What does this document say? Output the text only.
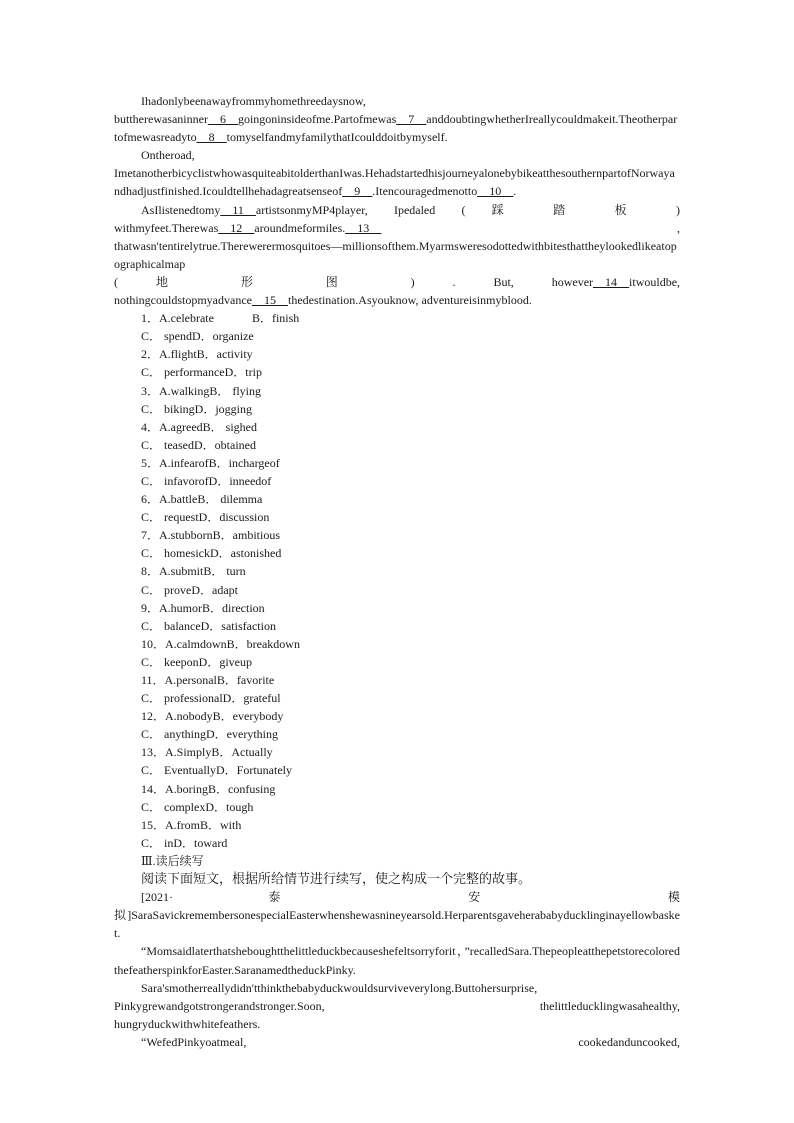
Ihadonlybeenawayfrommyhomethreedaysnow,
buttherewasaninner__6__goingoninsideofme.Partofmewas__7__anddoubtingwhetherIreallycouldmakeit.Theotherpartofmewasreadyto__8__tomyselfandmyfamilythatIcoulddoitbymyself.

Ontheroad,
ImetanotherbicyclistwhowasquiteabitolderthanIwas.HehadstartedhisjourneyalonebybikeatthesouthernpartofNorwayandhadjustfinished.Icouldtellhehadagreatsenseof__9__.Itencouragedmenotto__10__.

AsIlistenedtomy__11__artistsonmyMP4player, Ipedaled ( 踩 踏 板 )

withmyfeet.Therewas__12__aroundmeformiles.__13__	,

thatwasn'tentirelytrue.Therewerermosquitoes—millionsofthem.Myarmsweresodottedwithbitesthattheylookedlikeatopographicalmap

(	地	形	图	)	.	But,	however__14__itwouldbe,

nothingcouldstopmyadvance__15__thedestination.Asyouknow, adventureisinmyblood.

1．A.celebrate	B．finish

C． spendD．organize

2．A.flightB．activity

C． performanceD．trip

3．A.walkingB． flying

C． bikingD．jogging

4．A.agreedB． sighed

C． teasedD．obtained

5．A.infearofB．inchargeof

C． infavorofD．inneedof

6．A.battleB． dilemma

C． requestD．discussion

7．A.stubbornB．ambitious

C． homesickD．astonished

8．A.submitB． turn

C． proveD．adapt

9．A.humorB．direction

C． balanceD．satisfaction

10．A.calmdownB．breakdown

C． keeponD．giveup

11．A.personalB．favorite

C． professionalD．grateful

12．A.nobodyB．everybody

C． anythingD．everything

13．A.SimplyB．Actually

C． EventuallyD．Fortunately

14．A.boringB．confusing

C． complexD．tough

15．A.fromB．with

C． inD．toward

Ⅲ.读后续写

阅读下面短文，根据所给情节进行续写，使之构成一个完整的故事。

[2021·	泰	安	模

拟]SaraSavickremembersonespecialEasterwhenshewasnineyearsold.Herparentsgaveherababyducklinginayellowbasket.

“Momsaidlaterthatsheboughtthelittleduckbecauseshefeltsorryforit，”recalledSara.ThepeopleatthepetstorecoloredthefeatherspinkforEaster.SaranamedtheduckPinky.

Sara'smotherreallydidn'tthinkthebabyduckwouldsurviveverylong.Buttohersurprise,

Pinkygrewandgotstrongerandstronger.Soon,	thelittleducklingwasahealthy,

hungryduckwithwhitefeathers.

“WefedPinkyoatmeal,	cookedanduncooked,
